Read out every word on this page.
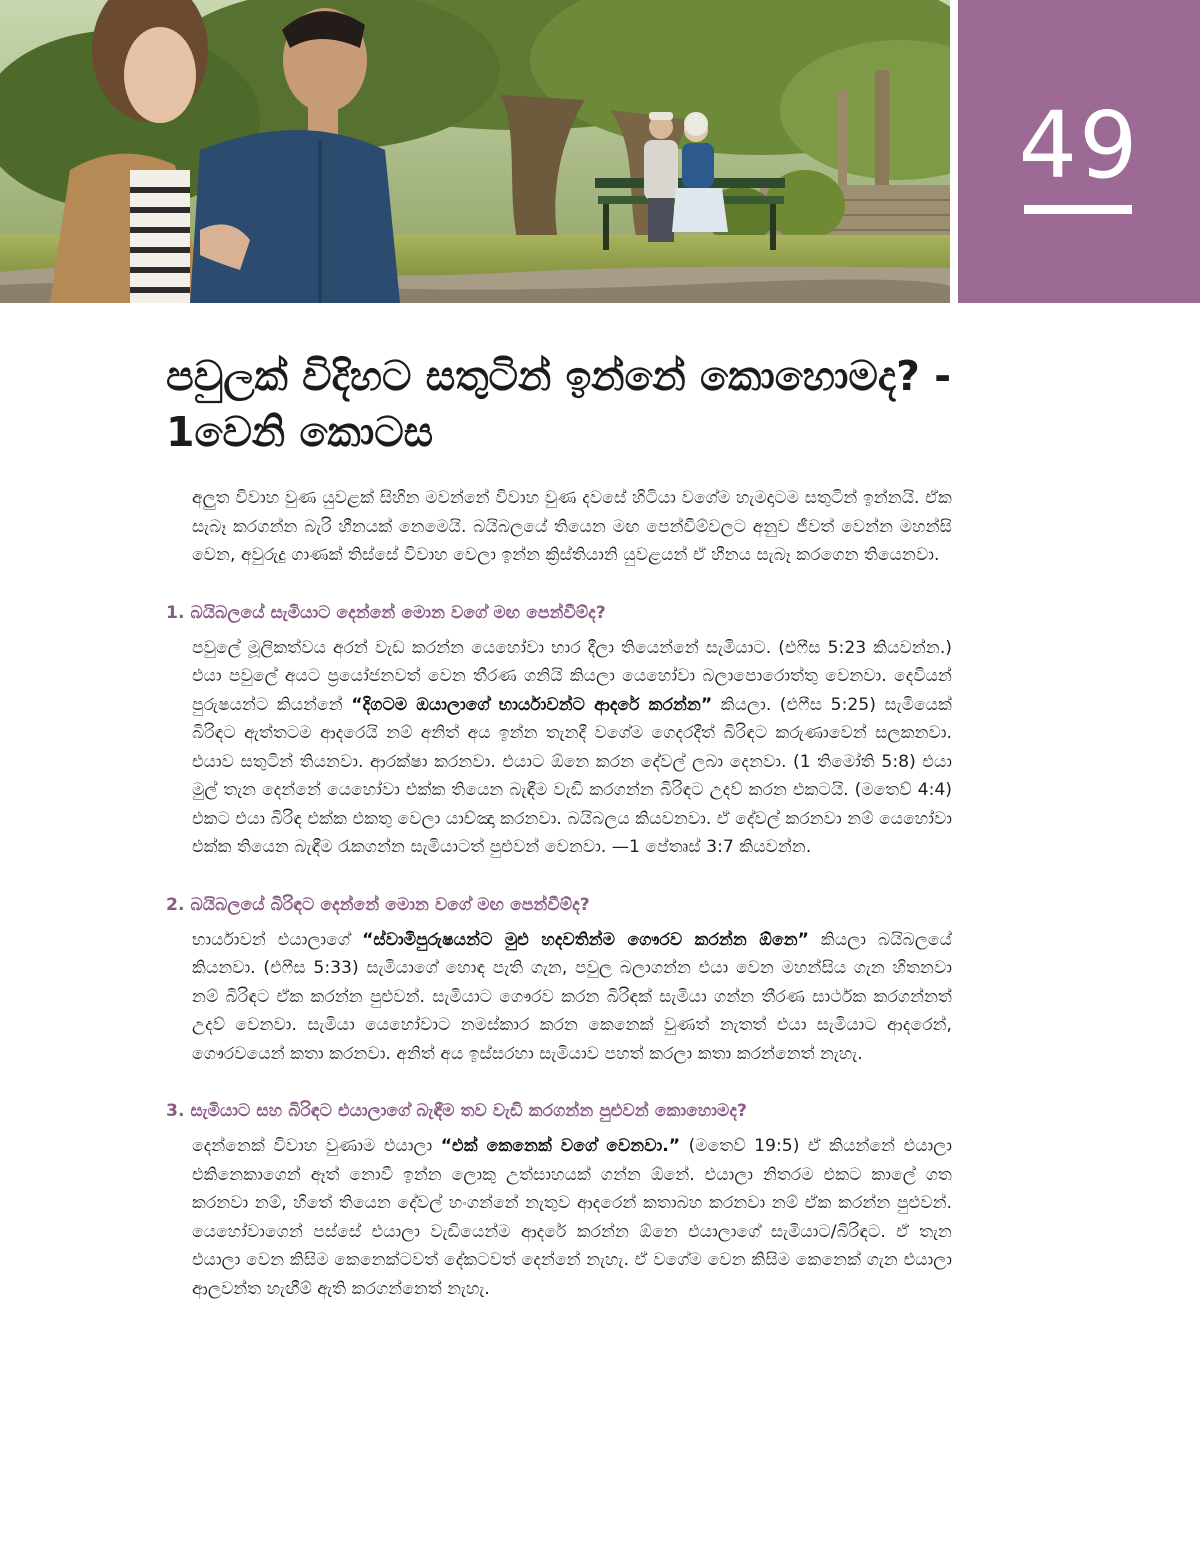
49
පවුලක් විදිහට සතුටින් ඉන්නේ කොහොමද? - 1වෙනි කොටස

අලුත විවාහ වුණ යුවළක් සිහින මවන්නේ විවාහ වුණ දවසේ හිටියා වගේම හැමදාටම සතුටින් ඉන්නයි. ඒක සැබෑ කරගන්න බැරි හීනයක් නෙමෙයි. බයිබලයේ තියෙන මඟ පෙන්වීම්වලට අනුව ජීවත් වෙන්න මහන්සි වෙන, අවුරුදු ගාණක් තිස්සේ විවාහ වෙලා ඉන්න ක්‍රිස්තියානි යුවළයන් ඒ හීනය සැබෑ කරගෙන තියෙනවා.

1. බයිබලයේ සැමියාට දෙන්නේ මොන වගේ මඟ පෙන්වීම්ද?

පවුලේ මූලිකත්වය අරන් වැඩ කරන්න යෙහෝවා භාර දීලා තියෙන්නේ සැමියාට. (එෆීස 5:23 කියවන්න.) එයා පවුලේ අයට ප්‍රයෝජනවත් වෙන තීරණ ගනියි කියලා යෙහෝවා බලාපොරොත්තු වෙනවා. දෙවියන් පුරුෂයන්ට කියන්නේ “දිගටම ඔයාලාගේ භාර්යාවන්ට ආදරේ කරන්න” කියලා. (එෆීස 5:25) සැමියෙක් බිරිඳට ඇත්තටම ආදරෙයි නම් අනිත් අය ඉන්න තැනදී වගේම ගෙදරදීත් බිරිඳට කරුණාවෙන් සලකනවා. එයාව සතුටින් තියනවා. ආරක්ෂා කරනවා. එයාට ඕනෙ කරන දේවල් ලබා දෙනවා. (1 තිමෝති 5:8) එයා මුල් තැන දෙන්නේ යෙහෝවා එක්ක තියෙන බැඳීම වැඩි කරගන්න බිරිඳට උදව් කරන එකටයි. (මතෙව් 4:4) එකට එයා බිරිඳ එක්ක එකතු වෙලා යාච්ඤා කරනවා. බයිබලය කියවනවා. ඒ දේවල් කරනවා නම් යෙහෝවා එක්ක තියෙන බැඳීම රැකගන්න සැමියාටත් පුළුවන් වෙනවා. —1 පේතෘස් 3:7 කියවන්න.

2. බයිබලයේ බිරිඳට දෙන්නේ මොන වගේ මඟ පෙන්වීම්ද?

භාර්යාවන් එයාලාගේ “ස්වාමිපුරුෂයන්ට මුළු හදවතින්ම ගෞරව කරන්න ඕනෙ” කියලා බයිබලයේ කියනවා. (එෆීස 5:33) සැමියාගේ හොඳ පැති ගැන, පවුල බලාගන්න එයා වෙන මහන්සිය ගැන හිතනවා නම් බිරිඳට ඒක කරන්න පුළුවන්. සැමියාට ගෞරව කරන බිරිඳක් සැමියා ගන්න තීරණ සාර්ථක කරගන්නත් උදව් වෙනවා. සැමියා යෙහෝවාට නමස්කාර කරන කෙනෙක් වුණත් නැතත් එයා සැමියාට ආදරෙන්, ගෞරවයෙන් කතා කරනවා. අනිත් අය ඉස්සරහා සැමියාව පහත් කරලා කතා කරන්නෙත් නැහැ.

3. සැමියාට සහ බිරිඳට එයාලාගේ බැඳීම තව වැඩි කරගන්න පුළුවන් කොහොමද?

දෙන්නෙක් විවාහ වුණාම එයාලා “එක් කෙනෙක් වගේ වෙනවා.” (මතෙව් 19:5) ඒ කියන්නේ එයාලා එකිනෙකාගෙන් ඈත් නොවී ඉන්න ලොකු උත්සාහයක් ගන්න ඕනේ. එයාලා නිතරම එකට කාලේ ගත කරනවා නම්, හිතේ තියෙන දේවල් හංගන්නේ නැතුව ආදරෙන් කතාබහ කරනවා නම් ඒක කරන්න පුළුවන්. යෙහෝවාගෙන් පස්සේ එයාලා වැඩියෙන්ම ආදරේ කරන්න ඕනෙ එයාලාගේ සැමියාට/බිරිඳට. ඒ තැන එයාලා වෙන කිසිම කෙනෙක්ටවත් දේකටවත් දෙන්නේ නැහැ. ඒ වගේම වෙන කිසිම කෙනෙක් ගැන එයාලා ආලවන්ත හැඟීම් ඇති කරගන්නෙත් නැහැ.
